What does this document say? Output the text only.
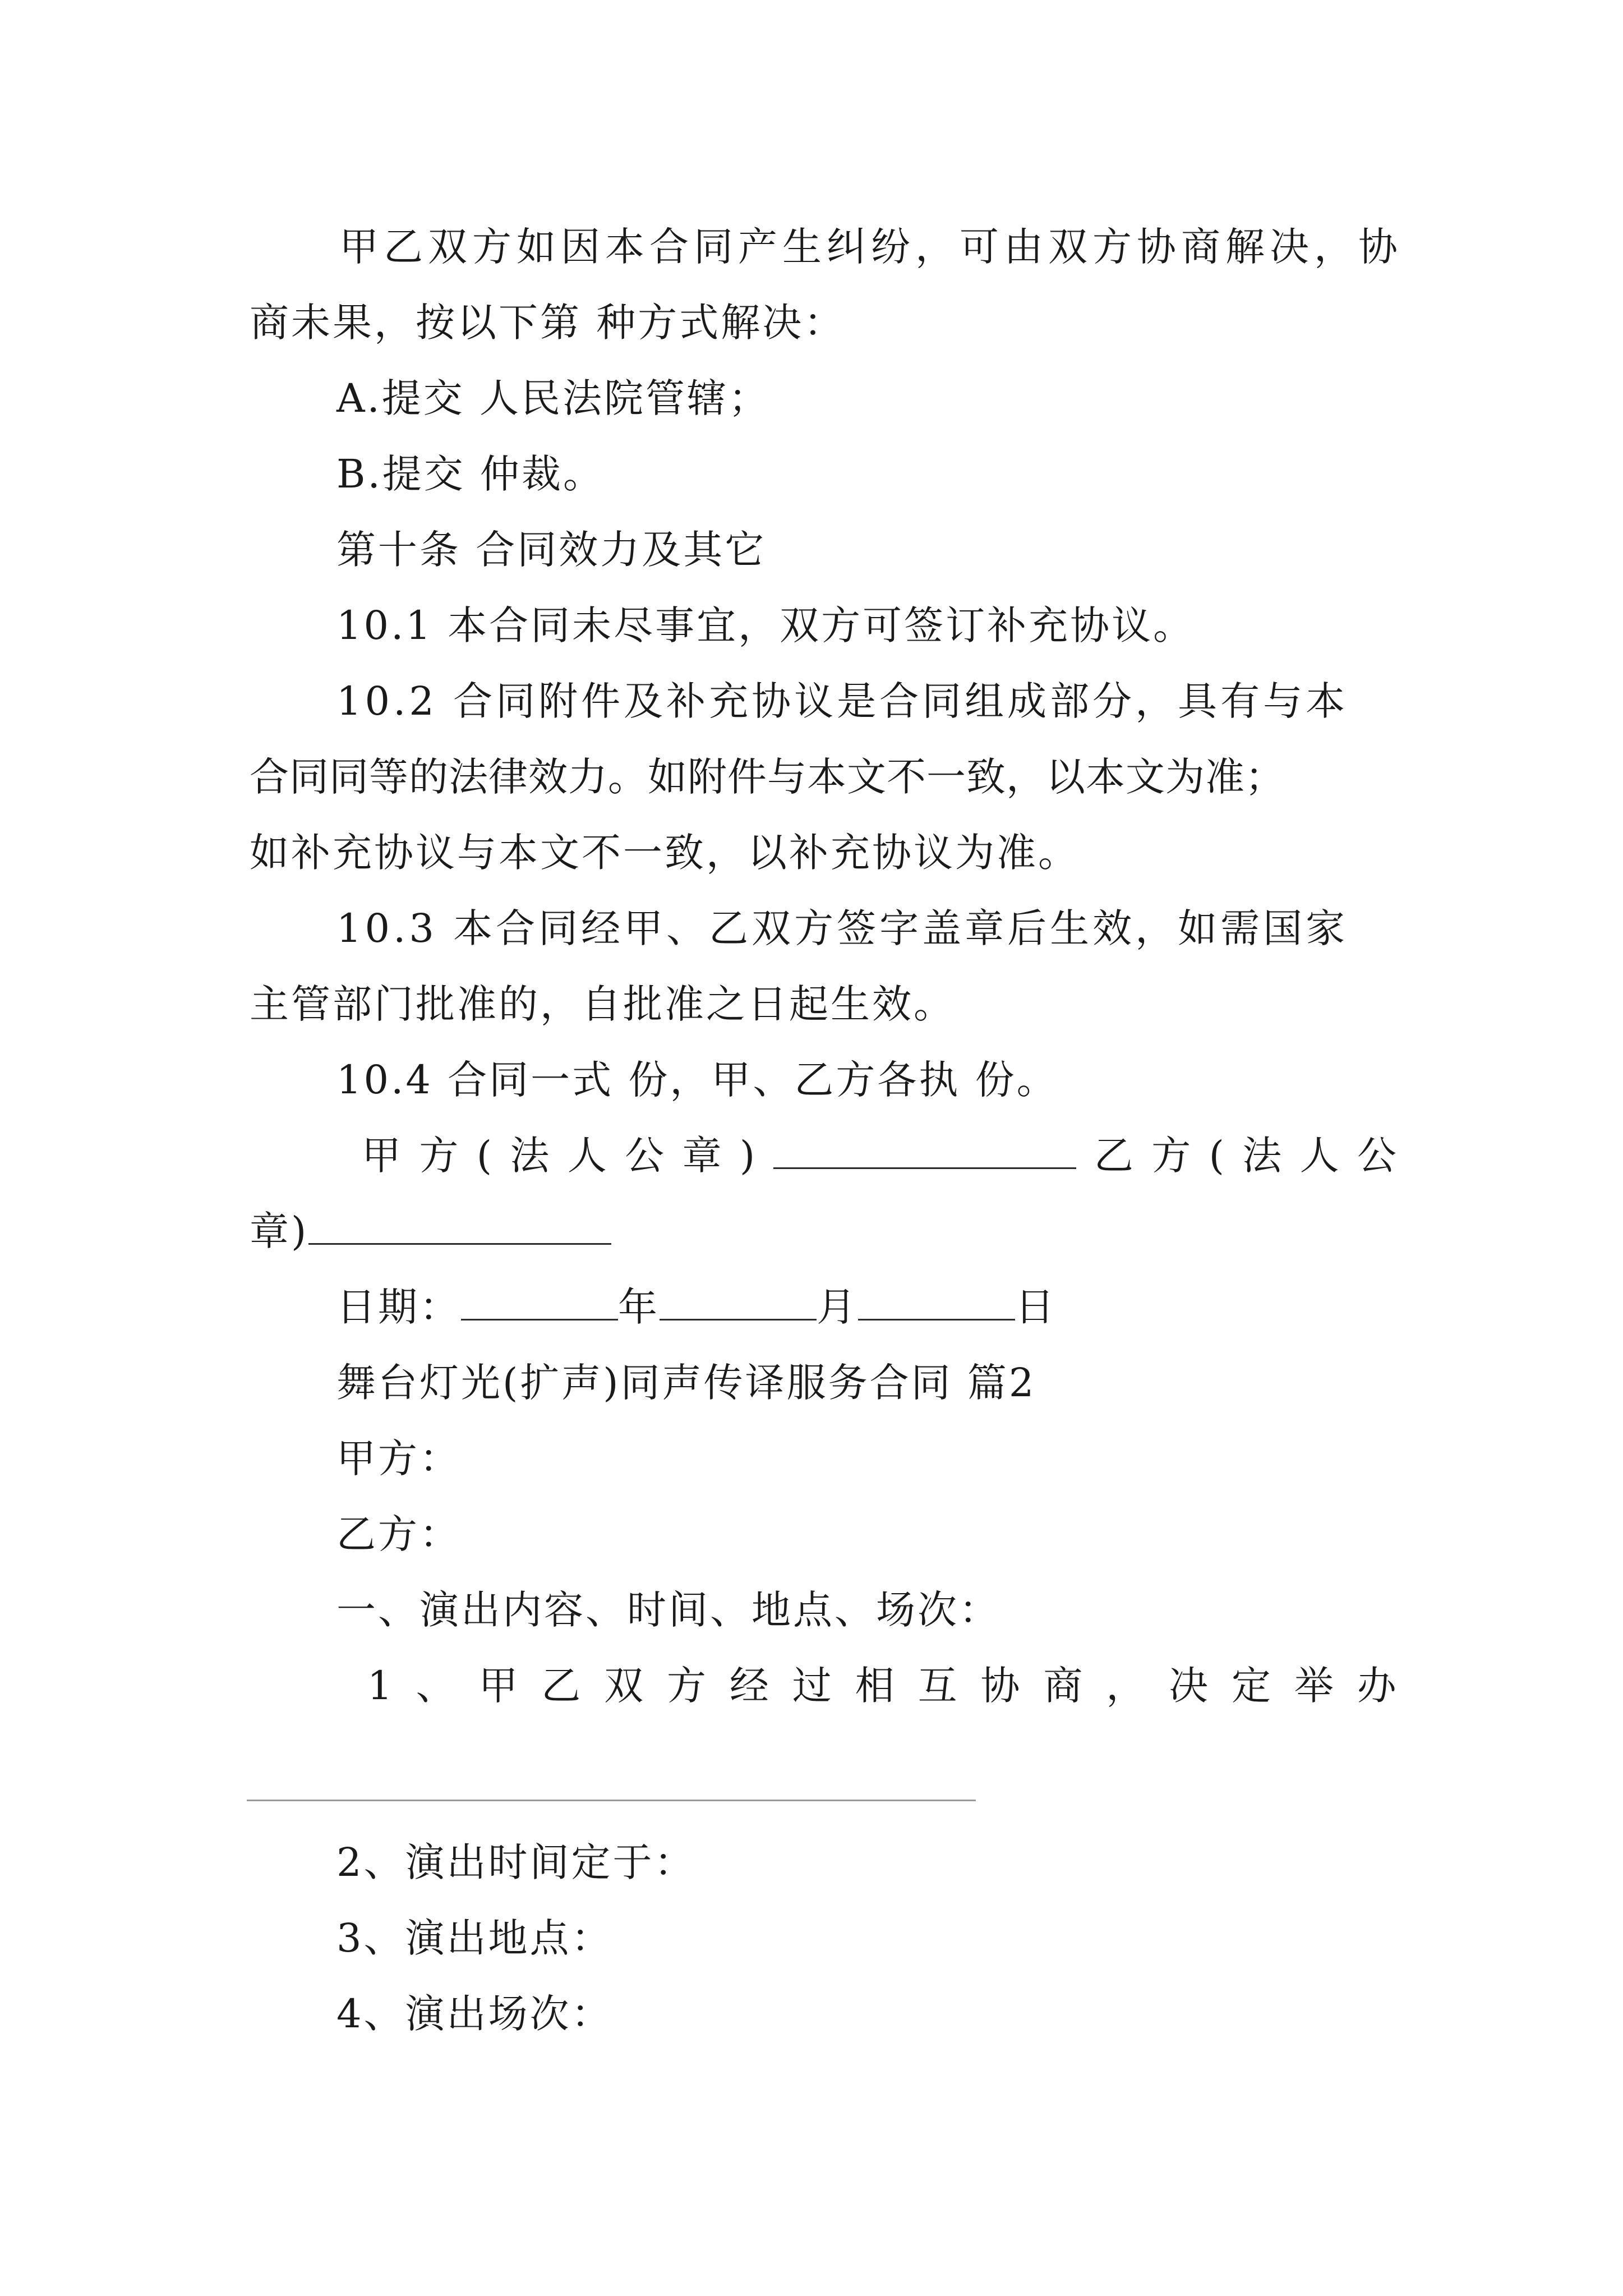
甲乙双方如因本合同产生纠纷，可由双方协商解决，协
商未果，按以下第 种方式解决：
A.提交 人民法院管辖；
B.提交 仲裁。
第十条 合同效力及其它
10.1 本合同未尽事宜，双方可签订补充协议。
10.2 合同附件及补充协议是合同组成部分，具有与本
合同同等的法律效力。如附件与本文不一致，以本文为准；
如补充协议与本文不一致，以补充协议为准。
10.3 本合同经甲、乙双方签字盖章后生效，如需国家
主管部门批准的，自批准之日起生效。
10.4 合同一式 份，甲、乙方各执 份。
甲 方 ( 法 人 公 章 )	乙 方 ( 法 人 公
章)
日期：	年	月	日
舞台灯光(扩声)同声传译服务合同 篇2
甲方：
乙方：
一、演出内容、时间、地点、场次：
1 、 甲 乙 双 方 经 过 相 互 协 商 ， 决 定 举 办
2、演出时间定于：
3、演出地点：
4、演出场次：
